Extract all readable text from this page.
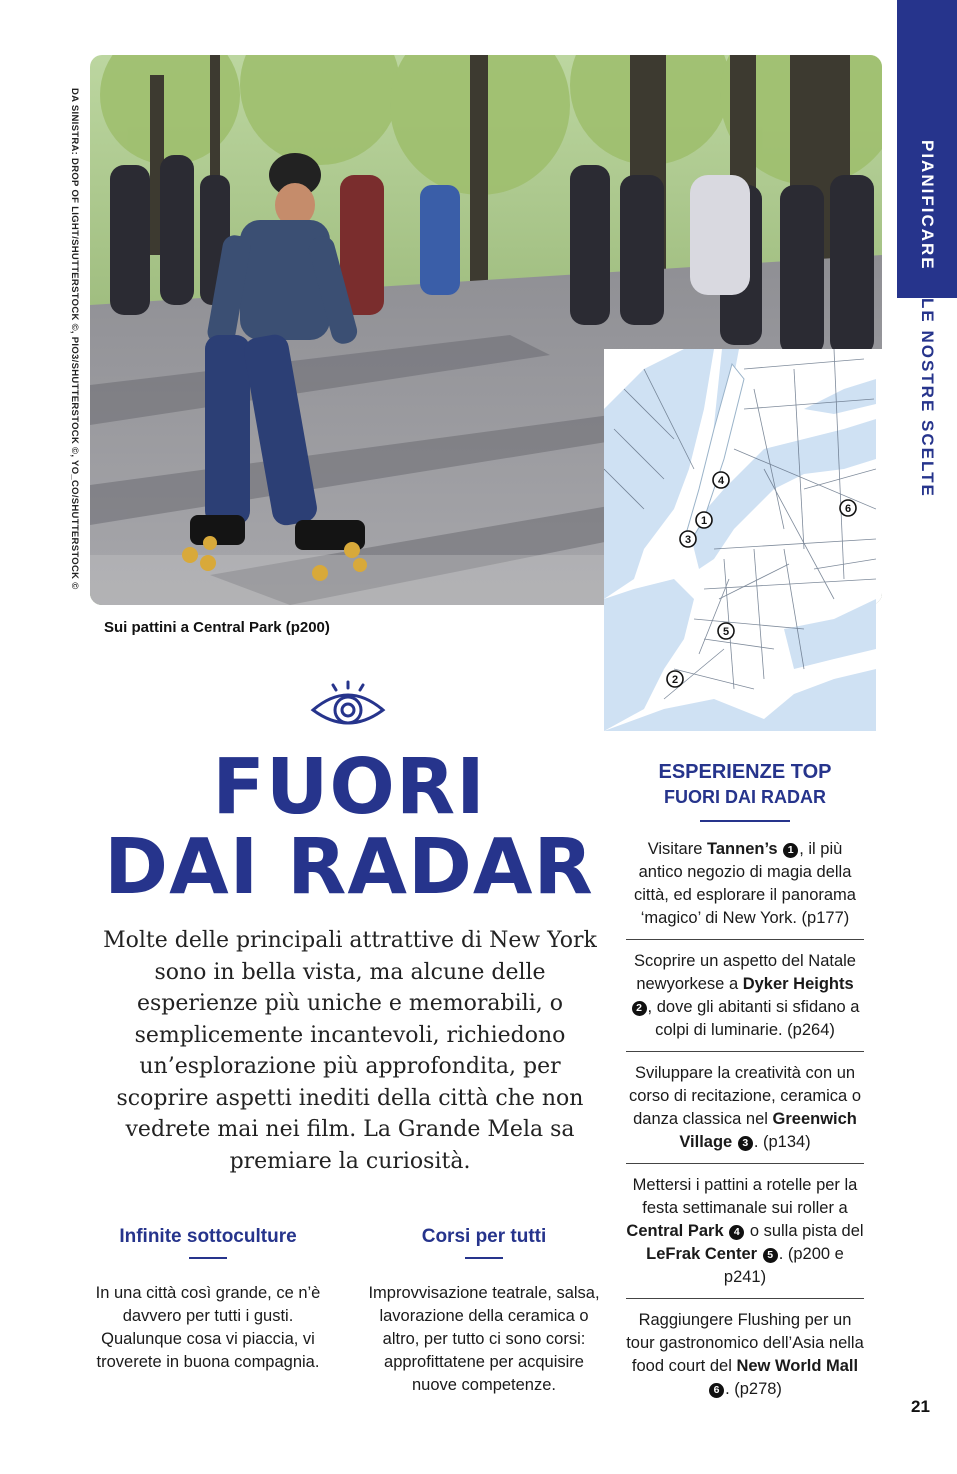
PIANIFICARE
LE NOSTRE SCELTE
DA SINISTRA: DROP OF LIGHT/SHUTTERSTOCK ©, PIO3/SHUTTERSTOCK ©, YO_CO/SHUTTERSTOCK ©
Sui pattini a Central Park (p200)
4
1
3
6
5
2
FUORI
DAI RADAR
Molte delle principali attrattive di New York sono in bella vista, ma alcune delle esperienze più uniche e memorabili, o semplicemente incantevoli, richiedono un’esplorazione più approfondita, per scoprire aspetti inediti della città che non vedrete mai nei film. La Grande Mela sa premiare la curiosità.
Infinite sottoculture
In una città così grande, ce n’è davvero per tutti i gusti. Qualunque cosa vi piaccia, vi troverete in buona compagnia.
Corsi per tutti
Improvvisazione teatrale, salsa, lavorazione della ceramica o altro, per tutto ci sono corsi: approfittatene per acquisire nuove competenze.
ESPERIENZE TOP
FUORI DAI RADAR
Visitare Tannen’s 1 , il più antico negozio di magia della città, ed esplorare il panorama ‘magico’ di New York. (p177)
Scoprire un aspetto del Natale newyorkese a Dyker Heights 2 , dove gli abitanti si sfidano a colpi di luminarie. (p264)
Sviluppare la creatività con un corso di recitazione, ceramica o danza classica nel Greenwich Village 3 . (p134)
Mettersi i pattini a rotelle per la festa settimanale sui roller a Central Park 4 o sulla pista del LeFrak Center 5 . (p200 e p241)
Raggiungere Flushing per un tour gastronomico dell’Asia nella food court del New World Mall 6 . (p278)
21
